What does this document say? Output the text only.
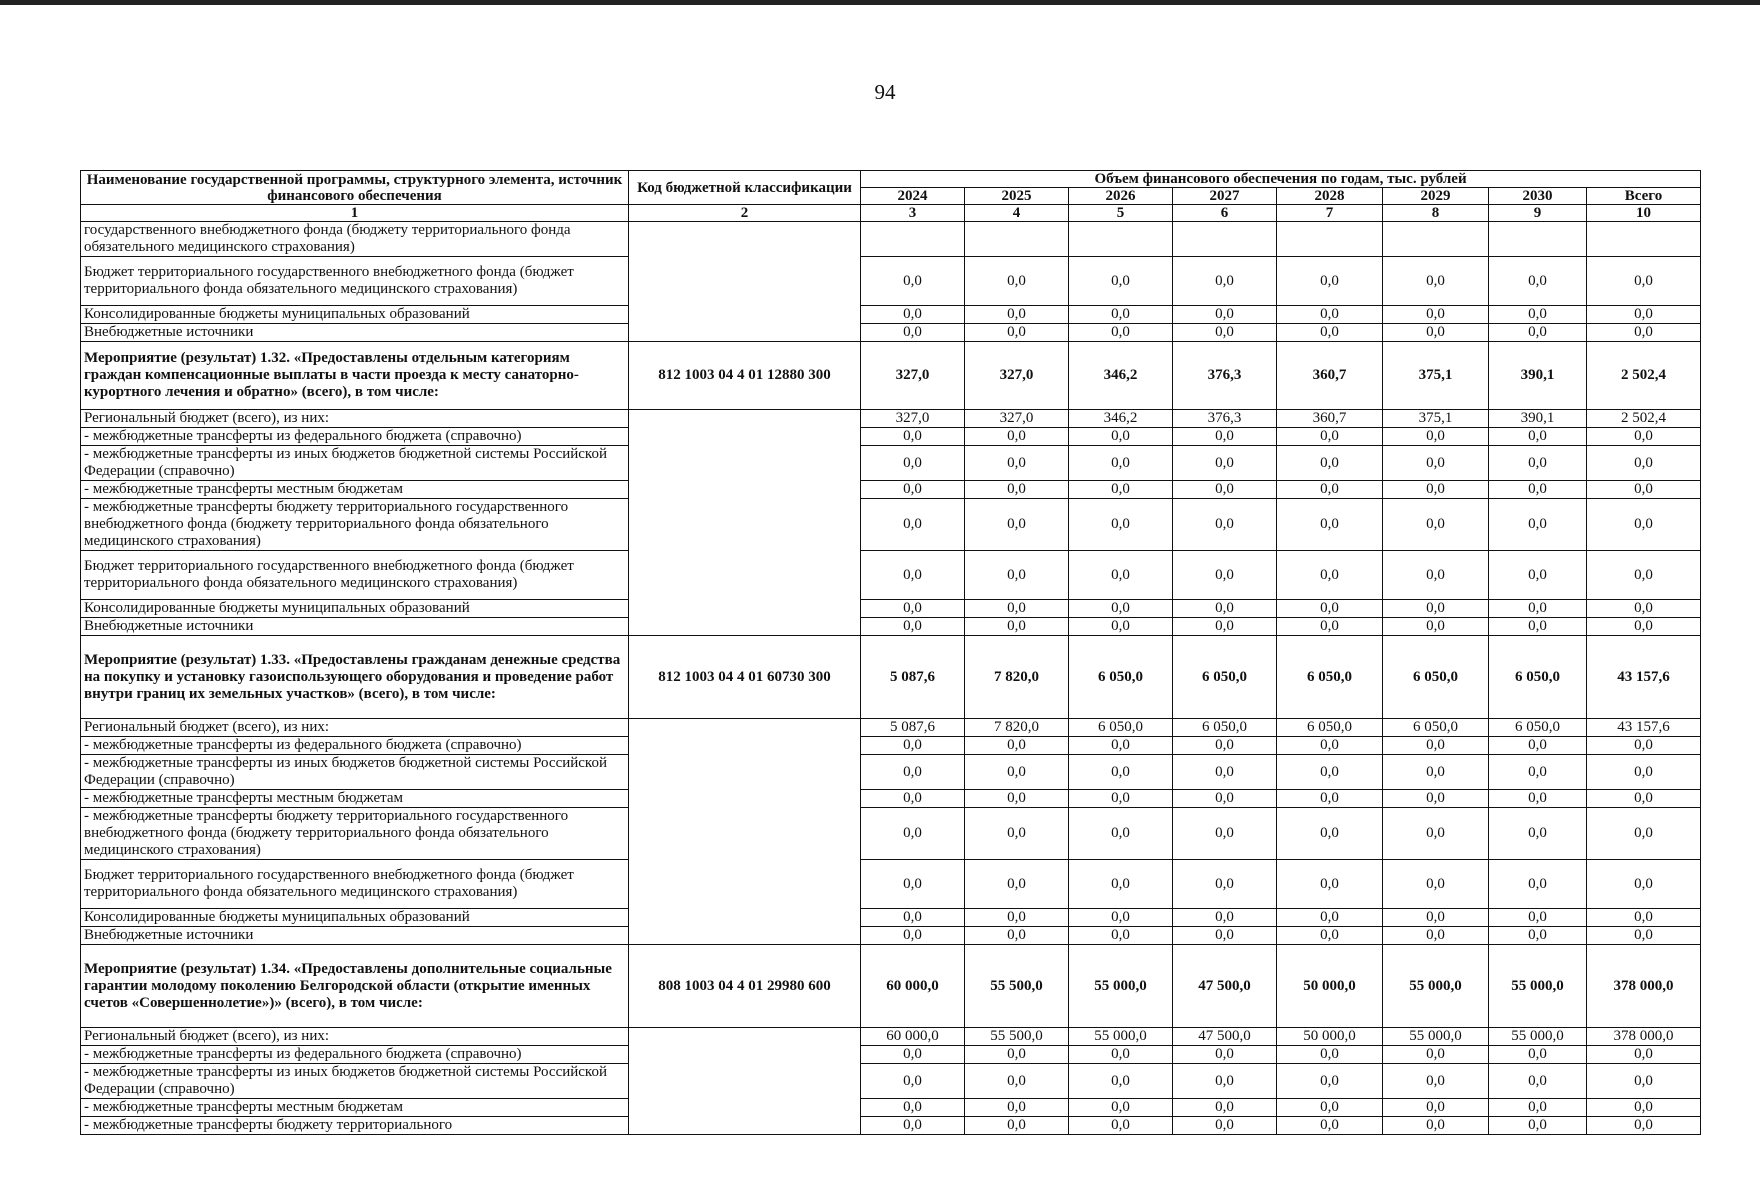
94
Наименование государственной программы, структурного элемента, источник финансового обеспечения	Код бюджетной классификации	Объем финансового обеспечения по годам, тыс. рублей							
		2024	2025	2026	2027	2028	2029	2030	Всего
1	2	3	4	5	6	7	8	9	10
государственного внебюджетного фонда (бюджету территориального фонда обязательного медицинского страхования)									
Бюджет территориального государственного внебюджетного фонда (бюджет территориального фонда обязательного медицинского страхования)		0,0	0,0	0,0	0,0	0,0	0,0	0,0	0,0
Консолидированные бюджеты муниципальных образований		0,0	0,0	0,0	0,0	0,0	0,0	0,0	0,0
Внебюджетные источники		0,0	0,0	0,0	0,0	0,0	0,0	0,0	0,0
Мероприятие (результат) 1.32. «Предоставлены отдельным категориям граждан компенсационные выплаты в части проезда к месту санаторно-курортного лечения и обратно» (всего), в том числе:	812 1003 04 4 01 12880 300	327,0	327,0	346,2	376,3	360,7	375,1	390,1	2 502,4
Региональный бюджет (всего), из них:		327,0	327,0	346,2	376,3	360,7	375,1	390,1	2 502,4
- межбюджетные трансферты из федерального бюджета (справочно)		0,0	0,0	0,0	0,0	0,0	0,0	0,0	0,0
- межбюджетные трансферты из иных бюджетов бюджетной системы Российской Федерации (справочно)		0,0	0,0	0,0	0,0	0,0	0,0	0,0	0,0
- межбюджетные трансферты местным бюджетам		0,0	0,0	0,0	0,0	0,0	0,0	0,0	0,0
- межбюджетные трансферты бюджету территориального государственного внебюджетного фонда (бюджету территориального фонда обязательного медицинского страхования)		0,0	0,0	0,0	0,0	0,0	0,0	0,0	0,0
Бюджет территориального государственного внебюджетного фонда (бюджет территориального фонда обязательного медицинского страхования)		0,0	0,0	0,0	0,0	0,0	0,0	0,0	0,0
Консолидированные бюджеты муниципальных образований		0,0	0,0	0,0	0,0	0,0	0,0	0,0	0,0
Внебюджетные источники		0,0	0,0	0,0	0,0	0,0	0,0	0,0	0,0
Мероприятие (результат) 1.33. «Предоставлены гражданам денежные средства на покупку и установку газоиспользующего оборудования и проведение работ внутри границ их земельных участков» (всего), в том числе:	812 1003 04 4 01 60730 300	5 087,6	7 820,0	6 050,0	6 050,0	6 050,0	6 050,0	6 050,0	43 157,6
Региональный бюджет (всего), из них:		5 087,6	7 820,0	6 050,0	6 050,0	6 050,0	6 050,0	6 050,0	43 157,6
- межбюджетные трансферты из федерального бюджета (справочно)		0,0	0,0	0,0	0,0	0,0	0,0	0,0	0,0
- межбюджетные трансферты из иных бюджетов бюджетной системы Российской Федерации (справочно)		0,0	0,0	0,0	0,0	0,0	0,0	0,0	0,0
- межбюджетные трансферты местным бюджетам		0,0	0,0	0,0	0,0	0,0	0,0	0,0	0,0
- межбюджетные трансферты бюджету территориального государственного внебюджетного фонда (бюджету территориального фонда обязательного медицинского страхования)		0,0	0,0	0,0	0,0	0,0	0,0	0,0	0,0
Бюджет территориального государственного внебюджетного фонда (бюджет территориального фонда обязательного медицинского страхования)		0,0	0,0	0,0	0,0	0,0	0,0	0,0	0,0
Консолидированные бюджеты муниципальных образований		0,0	0,0	0,0	0,0	0,0	0,0	0,0	0,0
Внебюджетные источники		0,0	0,0	0,0	0,0	0,0	0,0	0,0	0,0
Мероприятие (результат) 1.34. «Предоставлены дополнительные социальные гарантии молодому поколению Белгородской области (открытие именных счетов «Совершеннолетие»)» (всего), в том числе:	808 1003 04 4 01 29980 600	60 000,0	55 500,0	55 000,0	47 500,0	50 000,0	55 000,0	55 000,0	378 000,0
Региональный бюджет (всего), из них:		60 000,0	55 500,0	55 000,0	47 500,0	50 000,0	55 000,0	55 000,0	378 000,0
- межбюджетные трансферты из федерального бюджета (справочно)		0,0	0,0	0,0	0,0	0,0	0,0	0,0	0,0
- межбюджетные трансферты из иных бюджетов бюджетной системы Российской Федерации (справочно)		0,0	0,0	0,0	0,0	0,0	0,0	0,0	0,0
- межбюджетные трансферты местным бюджетам		0,0	0,0	0,0	0,0	0,0	0,0	0,0	0,0
- межбюджетные трансферты бюджету территориального		0,0	0,0	0,0	0,0	0,0	0,0	0,0	0,0
